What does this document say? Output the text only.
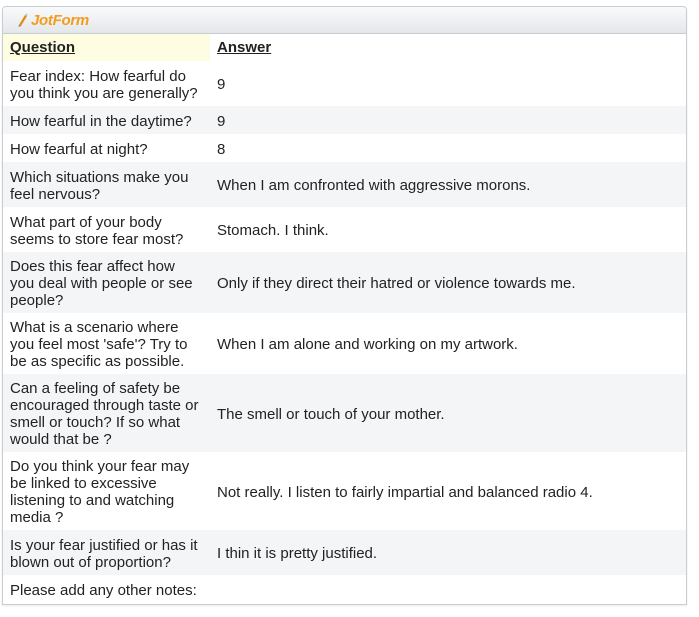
JotForm
Question	Answer
Fear index: How fearful do you think you are generally?	9
How fearful in the daytime?	9
How fearful at night?	8
Which situations make you feel nervous?	When I am confronted with aggressive morons.
What part of your body seems to store fear most?	Stomach. I think.
Does this fear affect how you deal with people or see people?	Only if they direct their hatred or violence towards me.
What is a scenario where you feel most 'safe'? Try to be as specific as possible.	When I am alone and working on my artwork.
Can a feeling of safety be encouraged through taste or smell or touch? If so what would that be ?	The smell or touch of your mother.
Do you think your fear may be linked to excessive listening to and watching media ?	Not really. I listen to fairly impartial and balanced radio 4.
Is your fear justified or has it blown out of proportion?	I thin it is pretty justified.
Please add any other notes:	
